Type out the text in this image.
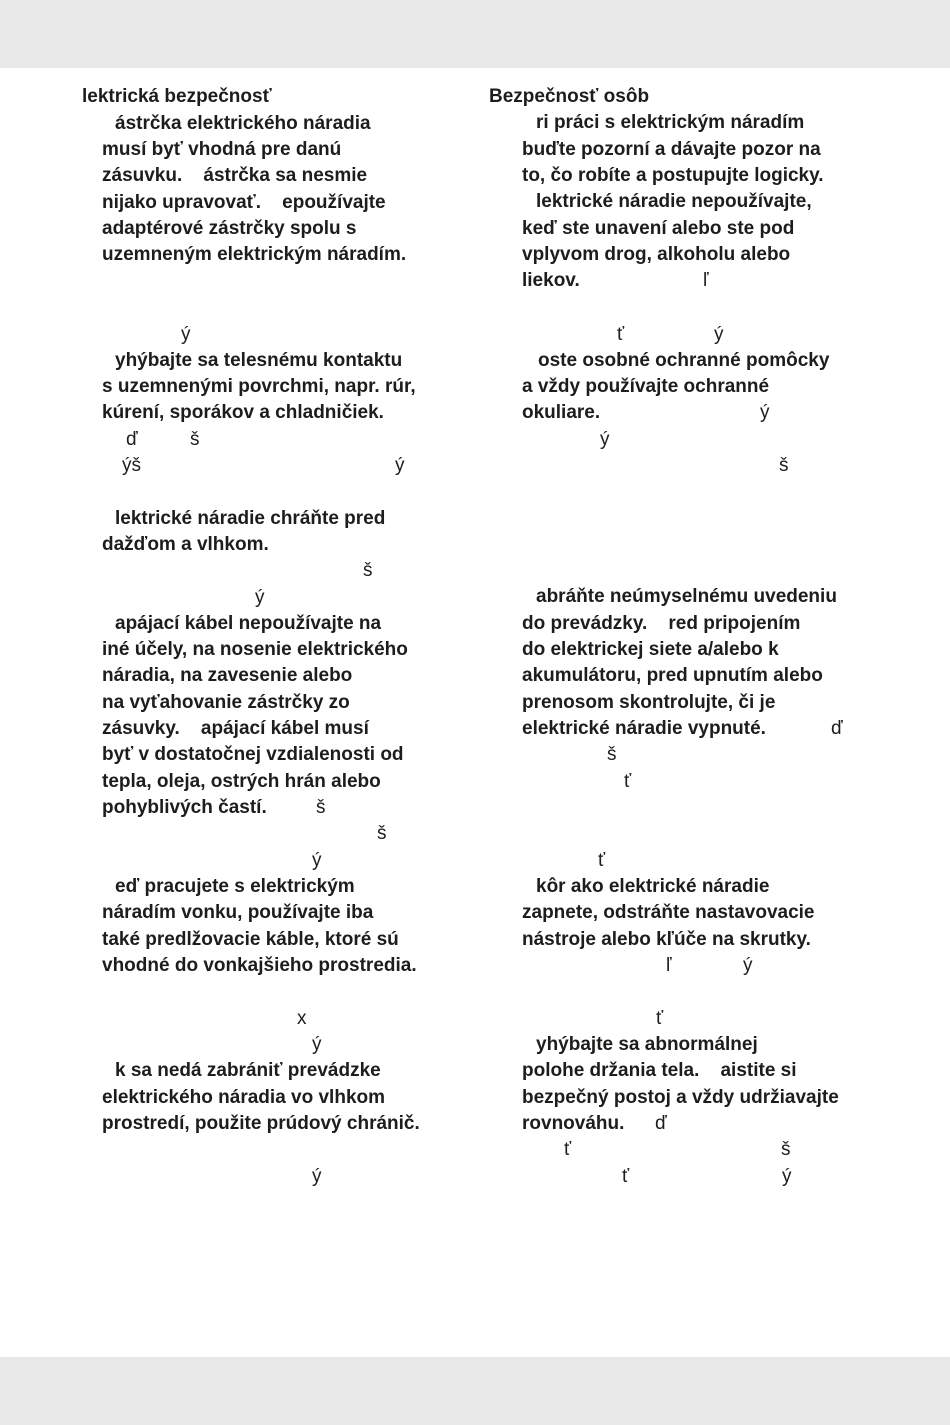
lektrická bezpečnosť

ástrčka elektrického náradia

musí byť vhodná pre danú

zásuvku.    ástrčka sa nesmie

nijako upravovať.    epoužívajte

adaptérové zástrčky spolu s

uzemneným elektrickým náradím.

ý

yhýbajte sa telesnému kontaktu

s uzemnenými povrchmi, napr. rúr,

kúrení, sporákov a chladničiek.

ď	š

ýš	ý

lektrické náradie chráňte pred

dažďom a vlhkom.

š

ý

apájací kábel nepoužívajte na

iné účely, na nosenie elektrického

náradia, na zavesenie alebo

na vyťahovanie zástrčky zo

zásuvky.    apájací kábel musí

byť v dostatočnej vzdialenosti od

tepla, oleja, ostrých hrán alebo

pohyblivých častí.	š

š

ý

eď pracujete s elektrickým

náradím vonku, používajte iba

také predlžovacie káble, ktoré sú

vhodné do vonkajšieho prostredia.

x

ý

k sa nedá zabrániť prevádzke

elektrického náradia vo vlhkom

prostredí, použite prúdový chránič.

ý

Bezpečnosť osôb

ri práci s elektrickým náradím

buďte pozorní a dávajte pozor na

to, čo robíte a postupujte logicky.

lektrické náradie nepoužívajte,

keď ste unavení alebo ste pod

vplyvom drog, alkoholu alebo

liekov.	ľ

ť	ý

oste osobné ochranné pomôcky

a vždy používajte ochranné

okuliare.	ý

ý

š

abráňte neúmyselnému uvedeniu

do prevádzky.    red pripojením

do elektrickej siete a/alebo k

akumulátoru, pred upnutím alebo

prenosom skontrolujte, či je

elektrické náradie vypnuté.	ď

š

ť

ť

kôr ako elektrické náradie

zapnete, odstráňte nastavovacie

nástroje alebo kľúče na skrutky.

ľ	ý

ť

yhýbajte sa abnormálnej

polohe držania tela.    aistite si

bezpečný postoj a vždy udržiavajte

rovnováhu. ď

ť	š

ť	ý
